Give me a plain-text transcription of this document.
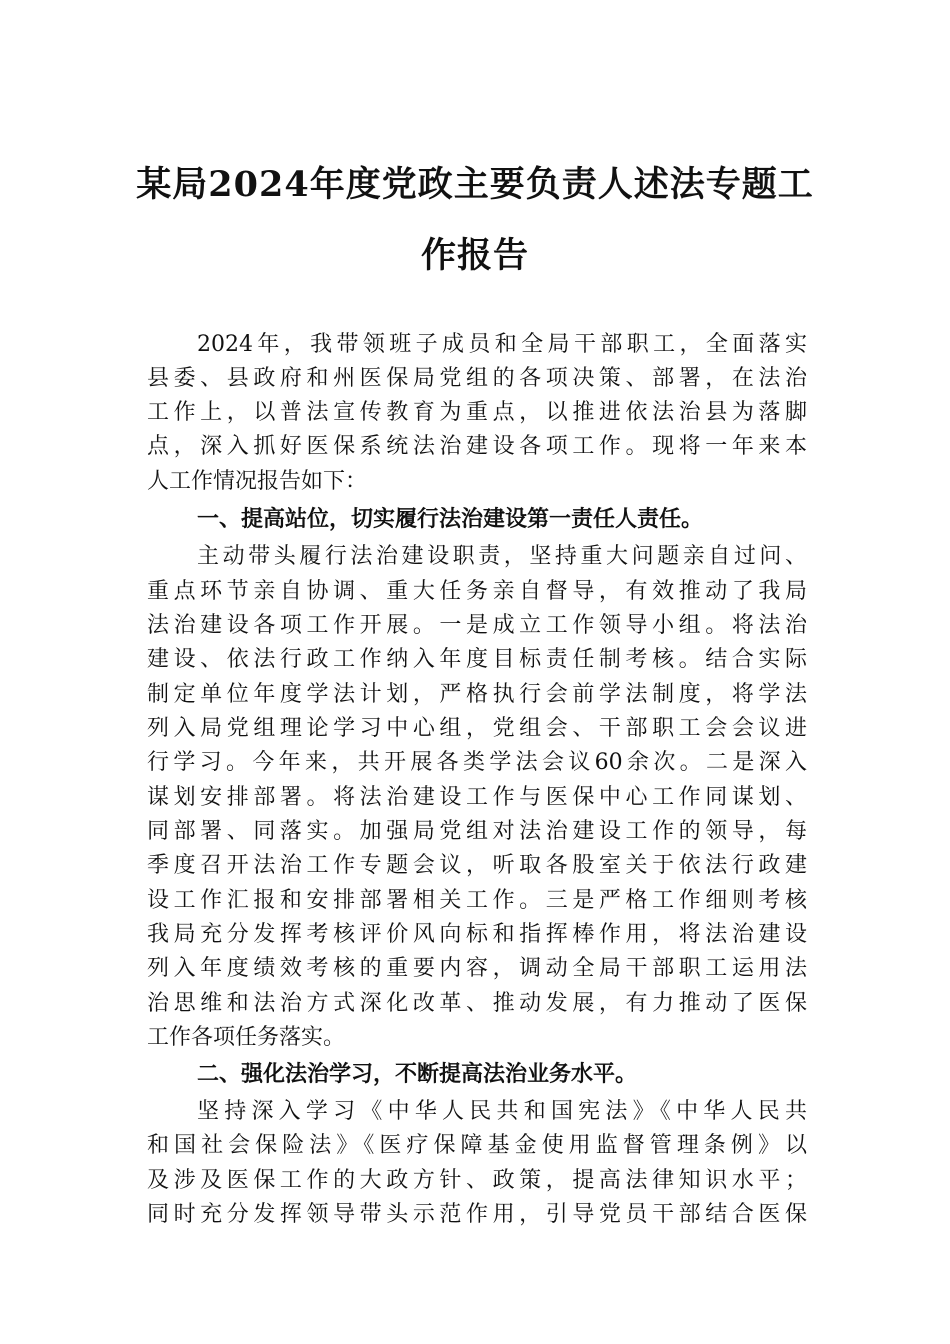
某局2024年度党政主要负责人述法专题工
作报告
2024年，我带领班子成员和全局干部职工，全面落实
县委、县政府和州医保局党组的各项决策、部署，在法治
工作上，以普法宣传教育为重点，以推进依法治县为落脚
点，深入抓好医保系统法治建设各项工作。现将一年来本
人工作情况报告如下：
一、提高站位，切实履行法治建设第一责任人责任。
主动带头履行法治建设职责，坚持重大问题亲自过问、
重点环节亲自协调、重大任务亲自督导，有效推动了我局
法治建设各项工作开展。一是成立工作领导小组。将法治
建设、依法行政工作纳入年度目标责任制考核。结合实际
制定单位年度学法计划，严格执行会前学法制度，将学法
列入局党组理论学习中心组，党组会、干部职工会会议进
行学习。今年来，共开展各类学法会议60余次。二是深入
谋划安排部署。将法治建设工作与医保中心工作同谋划、
同部署、同落实。加强局党组对法治建设工作的领导，每
季度召开法治工作专题会议，听取各股室关于依法行政建
设工作汇报和安排部署相关工作。三是严格工作细则考核
我局充分发挥考核评价风向标和指挥棒作用，将法治建设
列入年度绩效考核的重要内容，调动全局干部职工运用法
治思维和法治方式深化改革、推动发展，有力推动了医保
工作各项任务落实。
二、强化法治学习，不断提高法治业务水平。
坚持深入学习《中华人民共和国宪法》《中华人民共
和国社会保险法》《医疗保障基金使用监督管理条例》以
及涉及医保工作的大政方针、政策，提高法律知识水平；
同时充分发挥领导带头示范作用，引导党员干部结合医保
